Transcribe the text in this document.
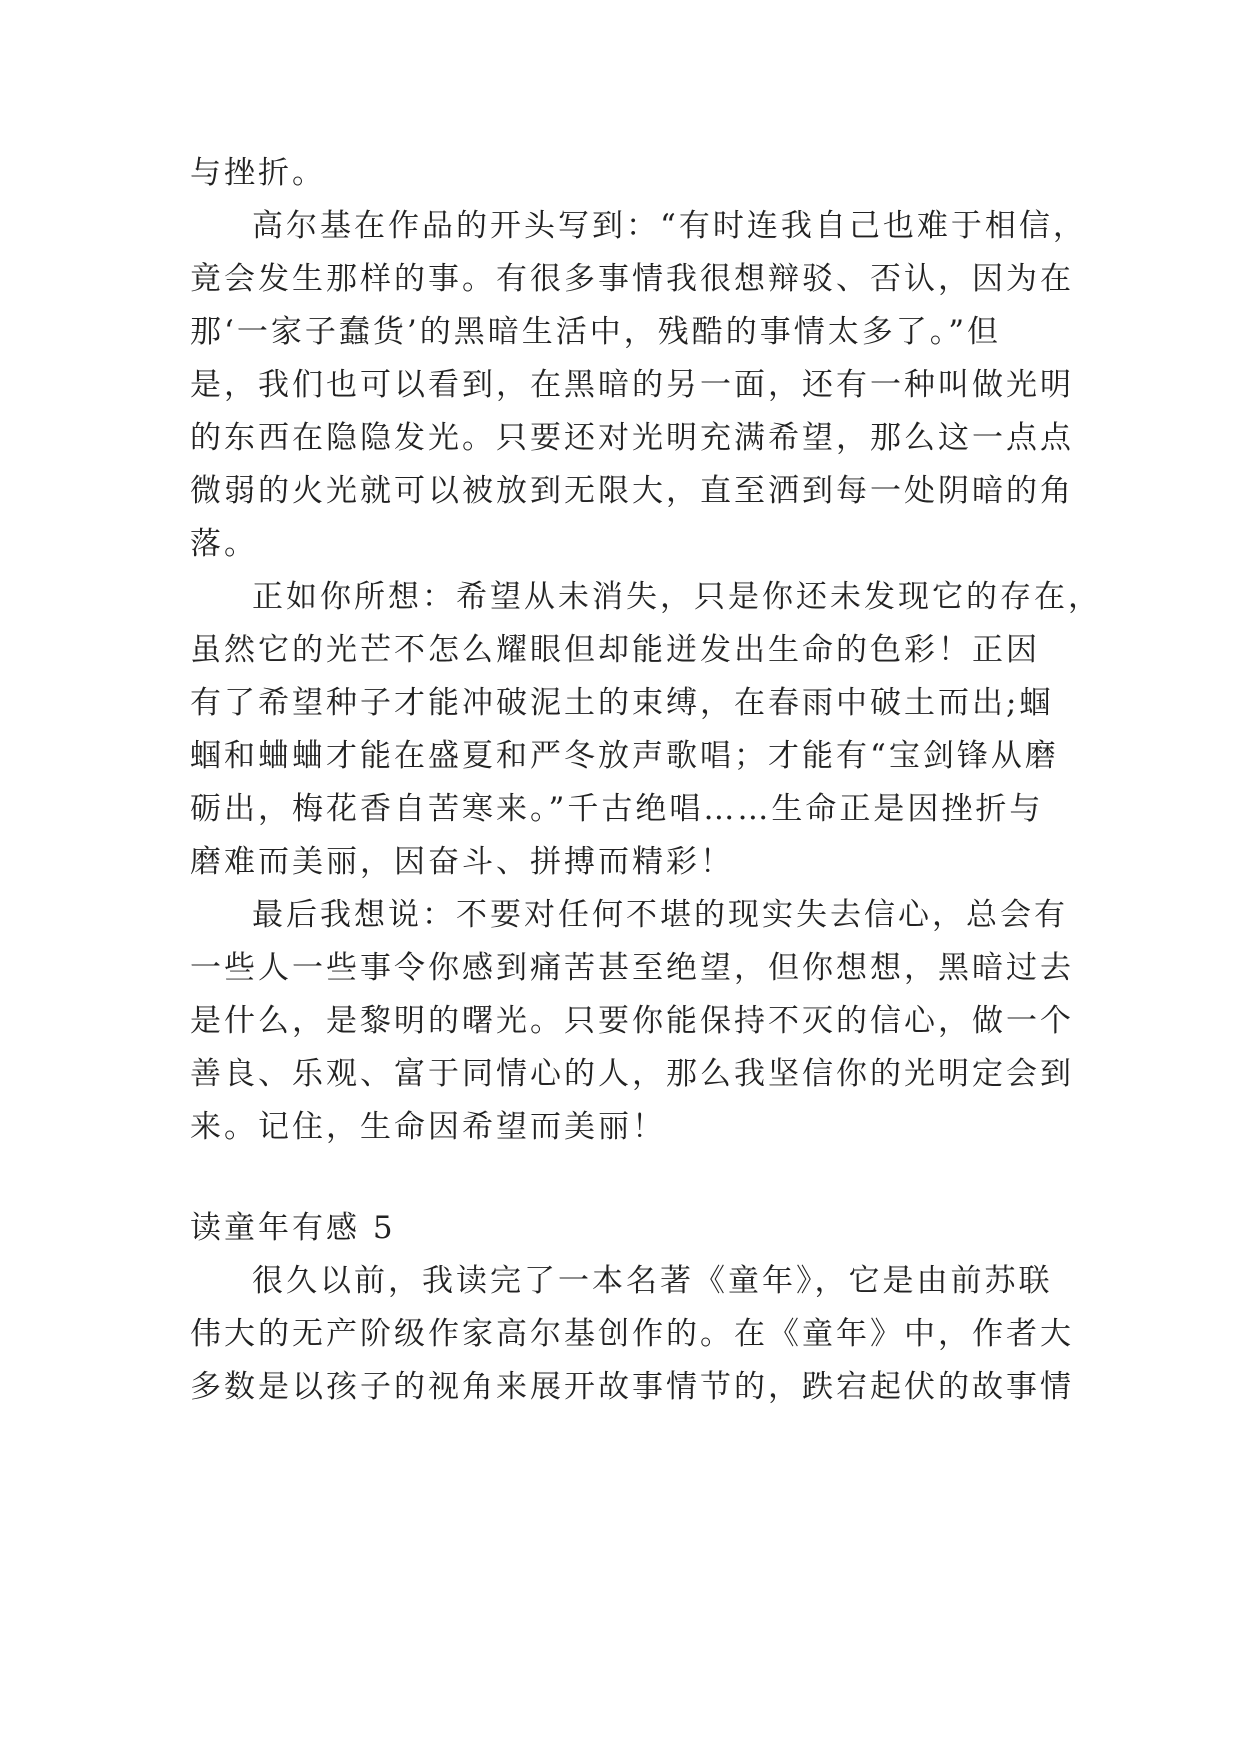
与挫折。
高尔基在作品的开头写到：“有时连我自己也难于相信，
竟会发生那样的事。有很多事情我很想辩驳、否认，因为在
那‘一家子蠢货’的黑暗生活中，残酷的事情太多了。”但
是，我们也可以看到，在黑暗的另一面，还有一种叫做光明
的东西在隐隐发光。只要还对光明充满希望，那么这一点点
微弱的火光就可以被放到无限大，直至洒到每一处阴暗的角
落。
正如你所想：希望从未消失，只是你还未发现它的存在，
虽然它的光芒不怎么耀眼但却能迸发出生命的色彩！正因
有了希望种子才能冲破泥土的束缚，在春雨中破土而出;蝈
蝈和蛐蛐才能在盛夏和严冬放声歌唱；才能有“宝剑锋从磨
砺出，梅花香自苦寒来。”千古绝唱……生命正是因挫折与
磨难而美丽，因奋斗、拼搏而精彩！
最后我想说：不要对任何不堪的现实失去信心，总会有
一些人一些事令你感到痛苦甚至绝望，但你想想，黑暗过去
是什么，是黎明的曙光。只要你能保持不灭的信心，做一个
善良、乐观、富于同情心的人，那么我坚信你的光明定会到
来。记住，生命因希望而美丽！
读童年有感 5
很久以前，我读完了一本名著《童年》，它是由前苏联
伟大的无产阶级作家高尔基创作的。在《童年》中，作者大
多数是以孩子的视角来展开故事情节的，跌宕起伏的故事情
